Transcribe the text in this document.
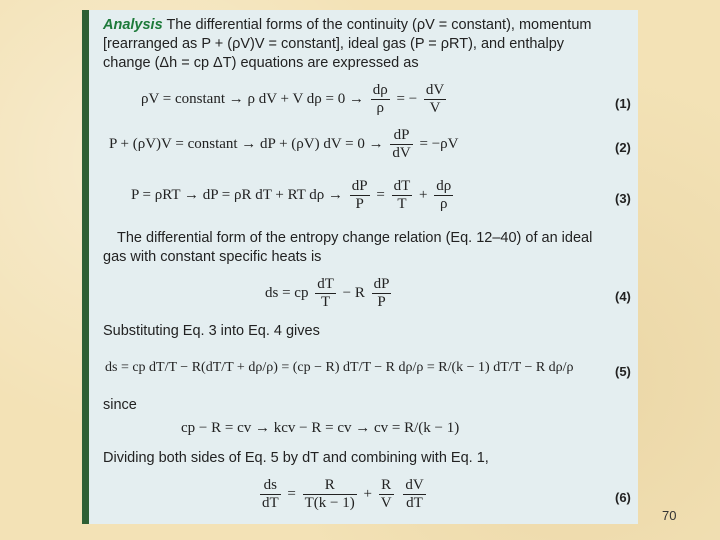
Analysis The differential forms of the continuity (ρV = constant), momentum
[rearranged as P + (ρV)V = constant], ideal gas (P = ρRT), and enthalpy
change (Δh = cp ΔT) equations are expressed as
ρV = constant → ρ dV + V $d\rho = 0 \to \frac{d\rho}{\rho}$ = − $\frac{dV}{V}$	(1)
P + (ρV)V = constant → dP + (ρV) dV = $0 \to \frac{dP}{dV} = -\rho V$	(2)
P = ρRT → dP = ρR dT + RT $d\rho \to \frac{dP}{P} = \frac{dT}{T} + \frac{d\rho}{\rho}$	(3)
The differential form of the entropy change relation (Eq. 12–40) of an ideal
gas with constant specific heats is
ds = cp $\frac{dT}{T} - R \frac{dP}{P}$	(4)
Substituting Eq. 3 into Eq. 4 gives
ds = cp dT/T − R(dT/T + dρ/ρ) = (cp − R) dT/T − R dρ/ρ = R/(k − 1) dT/T − R dρ/ρ	(5)
since
cp − R = cv → kcv − R = cv → cv = R/(k − 1)
Dividing both sides of Eq. 5 by dT and combining with Eq. 1,
$\frac{ds}{dT} = \frac{R}{T(k - 1)} + \frac{R}{V}$
$\frac{dV}{dT}$	(6)
70
